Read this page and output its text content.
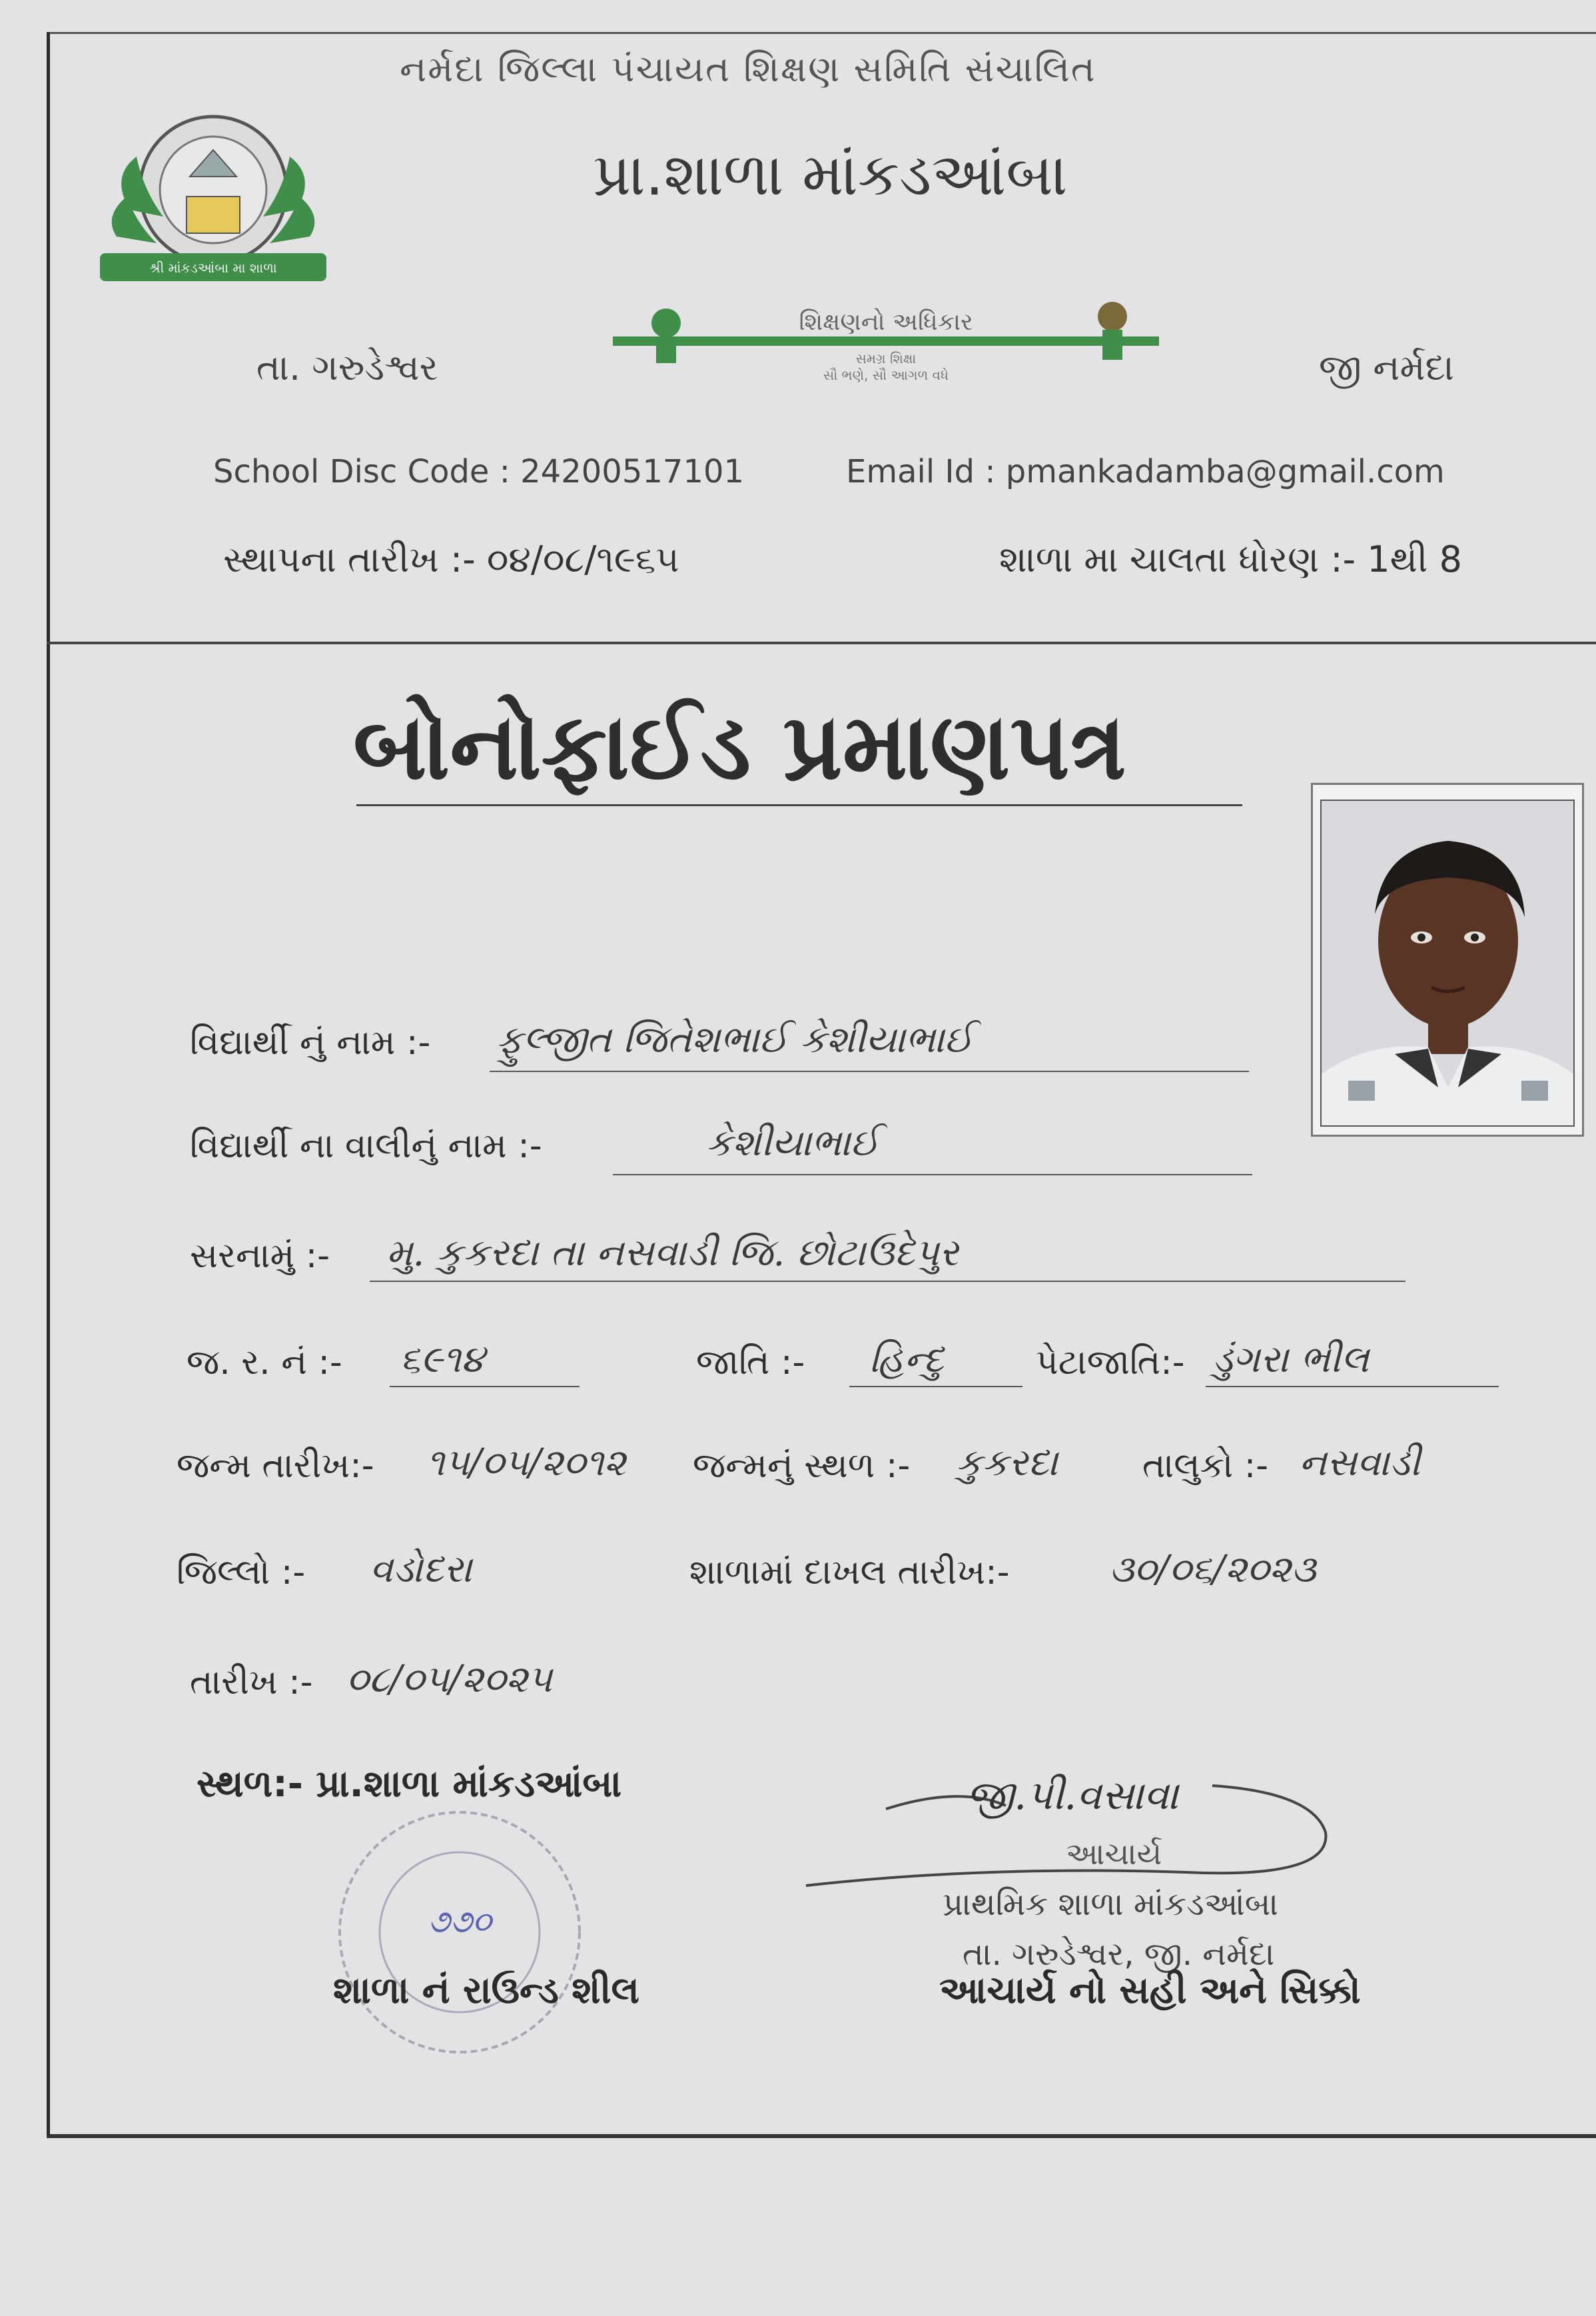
નર્મદા જિલ્લા પંચાયત શિક્ષણ સમિતિ સંચાલિત
શ્રી માંકડઆંબા મા શાળા
પ્રા.શાળા માંકડઆંબા
શિક્ષણનો અધિકાર
સમગ્ર શિક્ષા
સૌ ભણે, સૌ આગળ વધે
તા. ગરુડેશ્વર	જી નર્મદા
School Disc Code : 24200517101	Email Id : pmankadamba@gmail.com
સ્થાપના તારીખ :- ૦૪/૦૮/૧૯૬૫	શાળા મા ચાલતા ધોરણ :- 1થી 8
બોનોફાઈડ પ્રમાણપત્ર
વિદ્યાર્થી નું નામ :- ફુલ્જીત જિતેશભાઈ કેશીયાભાઈ
વિદ્યાર્થી ના વાલીનું નામ :-	કેશીયાભાઈ
સરનામું :- મુ. કુકરદા તા નસવાડી જિ. છોટાઉદેપુર
જ. ર. નં :- ૬૯૧૪	જાતિ :- હિન્દુ	પેટાજાતિ:- ડુંગરા ભીલ
જન્મ તારીખ:- ૧૫/૦૫/૨૦૧૨ જન્મનું સ્થળ :- કુકરદા તાલુકો :- નસવાડી
જિલ્લો :- વડોદરા	શાળામાં દાખલ તારીખ:-	૩૦/૦૬/૨૦૨૩
તારીખ :- ૦૮/૦૫/૨૦૨૫
સ્થળ:- પ્રા.શાળા માંકડઆંબા
૭૭૦
શાળા નં રાઉન્ડ શીલ
જી.પી.વસાવા
આચાર્ય
પ્રાથમિક શાળા માંકડઆંબા
તા. ગરુડેશ્વર, જી. નર્મદા
આચાર્ય નો સહી અને સિક્કો
